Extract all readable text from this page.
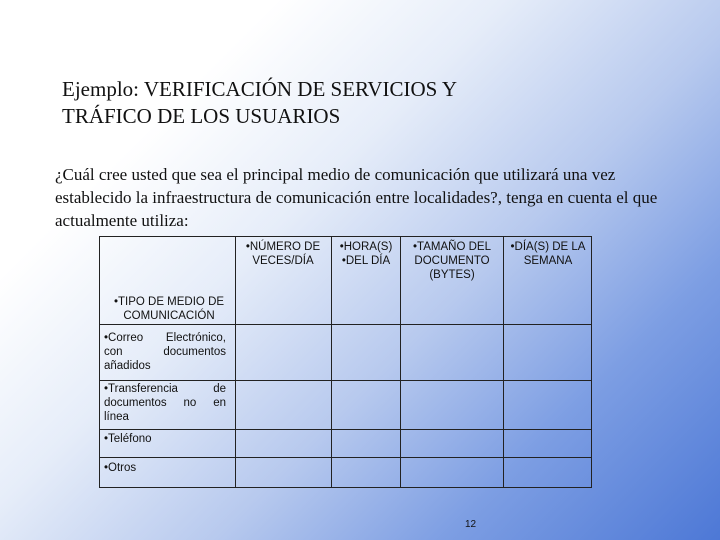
Ejemplo: VERIFICACIÓN DE SERVICIOS Y
TRÁFICO DE LOS USUARIOS
¿Cuál cree usted que sea el principal medio de comunicación que utilizará una vez establecido la infraestructura de comunicación entre localidades?, tenga en cuenta el que actualmente utiliza:
•NÚMERO DE VECES/DÍA
•HORA(S)
•DEL DÍA
•TAMAÑO DEL DOCUMENTO (BYTES)
•DÍA(S) DE LA SEMANA
•TIPO DE MEDIO DE COMUNICACIÓN
•Correo Electrónico, con documentos añadidos
•Transferencia de documentos no en línea
•Teléfono
•Otros
12
